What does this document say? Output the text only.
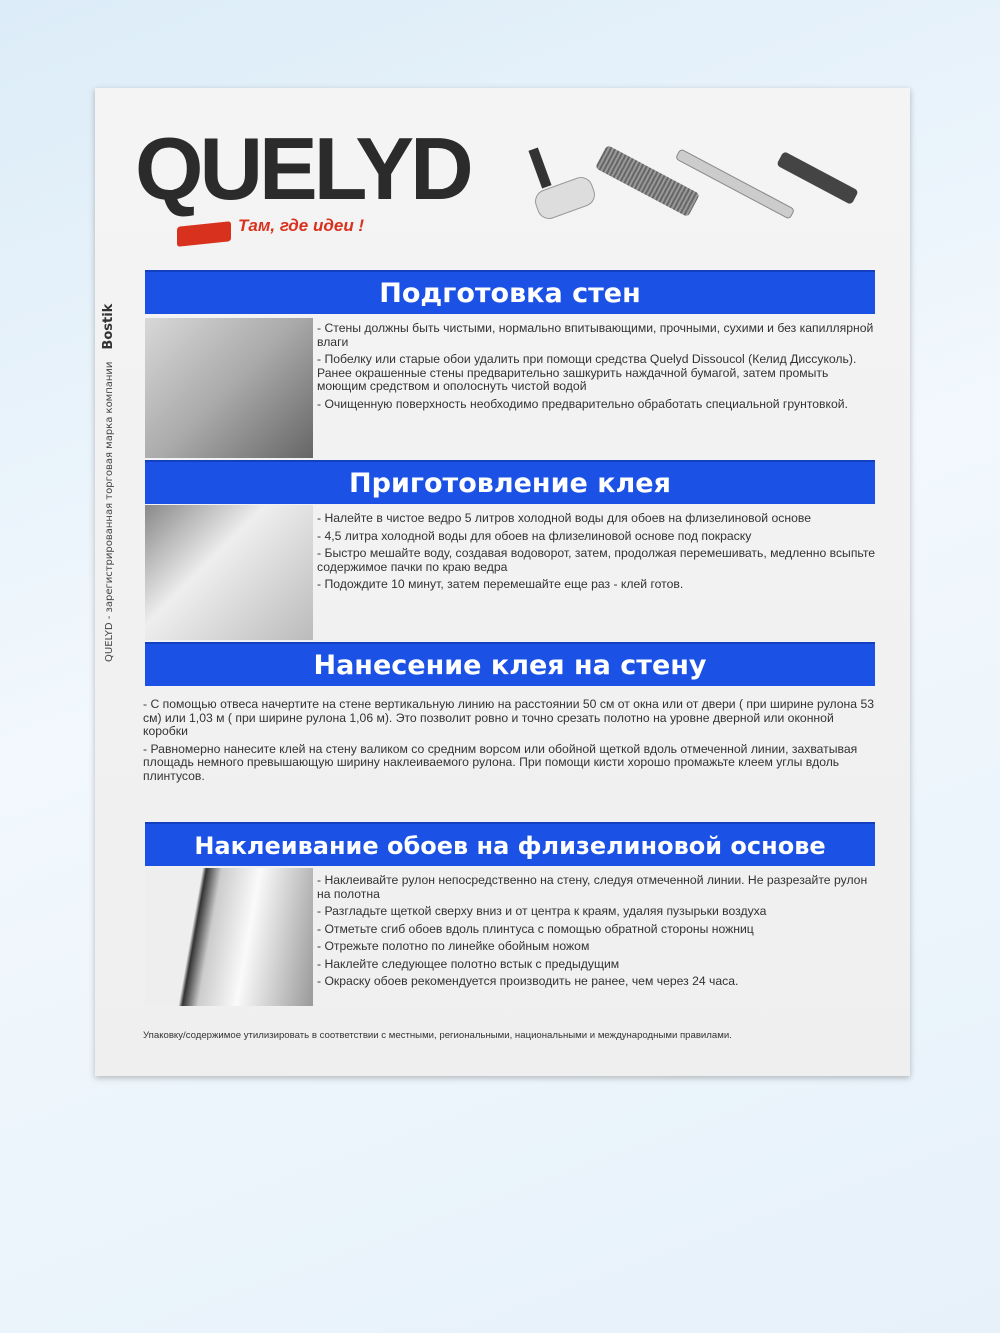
QUELYD
Там, где идеи !
QUELYD - зарегистрированная торговая марка компанииBostik
Подготовка стен

- Стены должны быть чистыми, нормально впитывающими, прочными, сухими и без капиллярной влаги

- Побелку или старые обои удалить при помощи средства Quelyd Dissoucol (Келид Диссуколь). Ранее окрашенные стены предварительно зашкурить наждачной бумагой, затем промыть моющим средством и ополоснуть чистой водой

- Очищенную поверхность необходимо предварительно обработать специальной грунтовкой.

Приготовление клея

- Налейте в чистое ведро 5 литров холодной воды для обоев на флизелиновой основе

- 4,5 литра холодной воды для обоев на флизелиновой основе под покраску

- Быстро мешайте воду, создавая водоворот, затем, продолжая перемешивать, медленно всыпьте содержимое пачки по краю ведра

- Подождите 10 минут, затем перемешайте еще раз - клей готов.

Нанесение клея на стену

- С помощью отвеса начертите на стене вертикальную линию на расстоянии 50 см от окна или от двери ( при ширине рулона 53 см) или 1,03 м ( при ширине рулона 1,06 м). Это позволит ровно и точно срезать полотно на уровне дверной или оконной коробки

- Равномерно нанесите клей на стену валиком со средним ворсом или обойной щеткой вдоль отмеченной линии, захватывая площадь немного превышающую ширину наклеиваемого рулона. При помощи кисти хорошо промажьте клеем углы вдоль плинтусов.

Наклеивание обоев на флизелиновой основе

- Наклеивайте рулон непосредственно на стену, следуя отмеченной линии. Не разрезайте рулон на полотна

- Разгладьте щеткой сверху вниз и от центра к краям, удаляя пузырьки воздуха

- Отметьте сгиб обоев вдоль плинтуса с помощью обратной стороны ножниц

- Отрежьте полотно по линейке обойным ножом

- Наклейте следующее полотно встык с предыдущим

- Окраску обоев рекомендуется производить не ранее, чем через 24 часа.

Упаковку/содержимое утилизировать в соответствии с местными, региональными, национальными и международными правилами.
